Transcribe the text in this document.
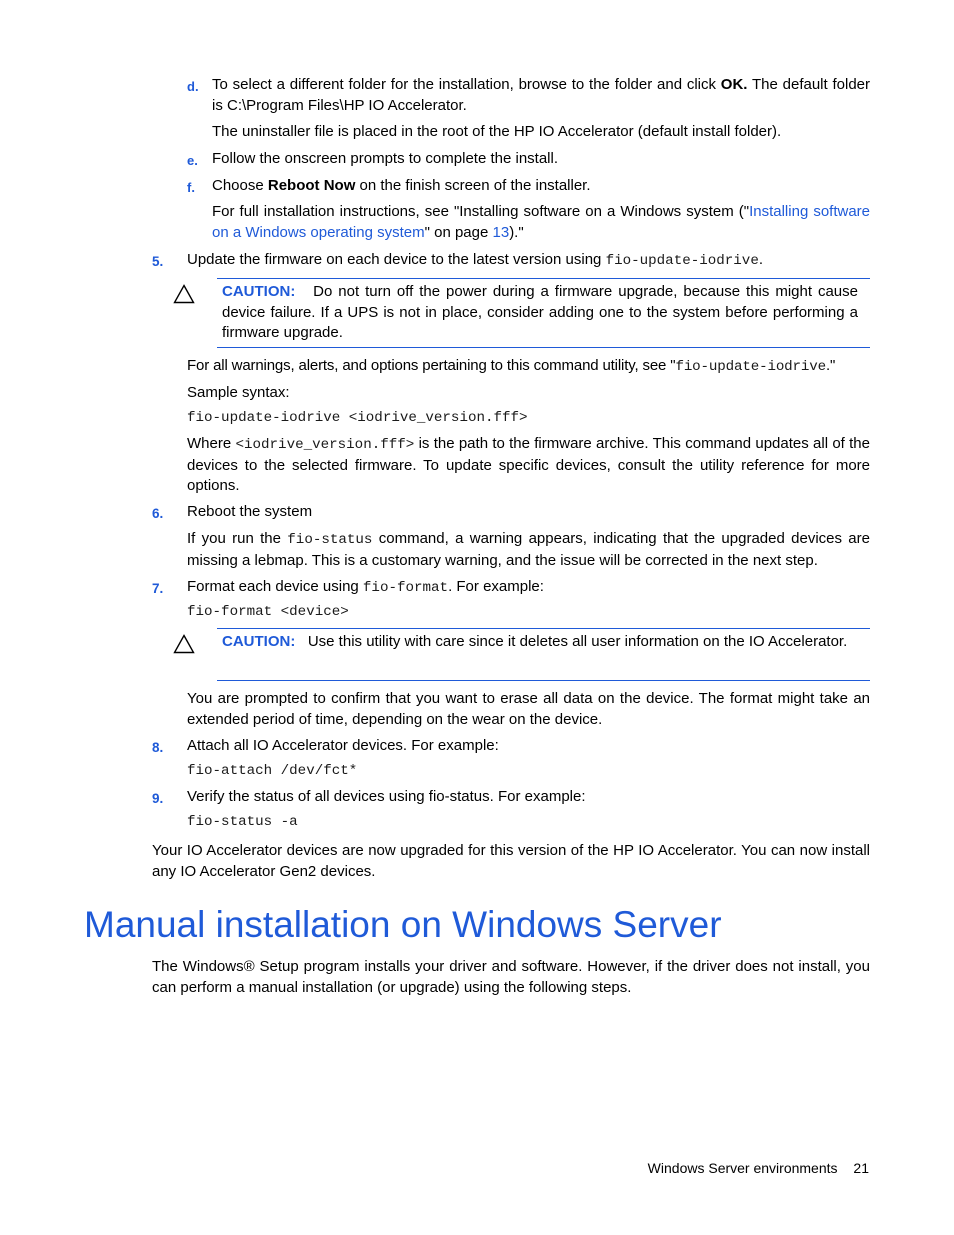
d. To select a different folder for the installation, browse to the folder and click OK. The default folder is C:\Program Files\HP IO Accelerator.
The uninstaller file is placed in the root of the HP IO Accelerator (default install folder).
e. Follow the onscreen prompts to complete the install.
f. Choose Reboot Now on the finish screen of the installer.
For full installation instructions, see "Installing software on a Windows system ("Installing software on a Windows operating system" on page 13)."
5. Update the firmware on each device to the latest version using fio-update-iodrive.
CAUTION: Do not turn off the power during a firmware upgrade, because this might cause device failure. If a UPS is not in place, consider adding one to the system before performing a firmware upgrade.
For all warnings, alerts, and options pertaining to this command utility, see "fio-update-iodrive."
Sample syntax:
fio-update-iodrive <iodrive_version.fff>
Where <iodrive_version.fff> is the path to the firmware archive. This command updates all of the devices to the selected firmware. To update specific devices, consult the utility reference for more options.
6. Reboot the system
If you run the fio-status command, a warning appears, indicating that the upgraded devices are missing a lebmap. This is a customary warning, and the issue will be corrected in the next step.
7. Format each device using fio-format. For example:
fio-format <device>
CAUTION: Use this utility with care since it deletes all user information on the IO Accelerator.
You are prompted to confirm that you want to erase all data on the device. The format might take an extended period of time, depending on the wear on the device.
8. Attach all IO Accelerator devices. For example:
fio-attach /dev/fct*
9. Verify the status of all devices using fio-status. For example:
fio-status -a
Your IO Accelerator devices are now upgraded for this version of the HP IO Accelerator. You can now install any IO Accelerator Gen2 devices.
Manual installation on Windows Server
The Windows® Setup program installs your driver and software. However, if the driver does not install, you can perform a manual installation (or upgrade) using the following steps.
Windows Server environments 21
